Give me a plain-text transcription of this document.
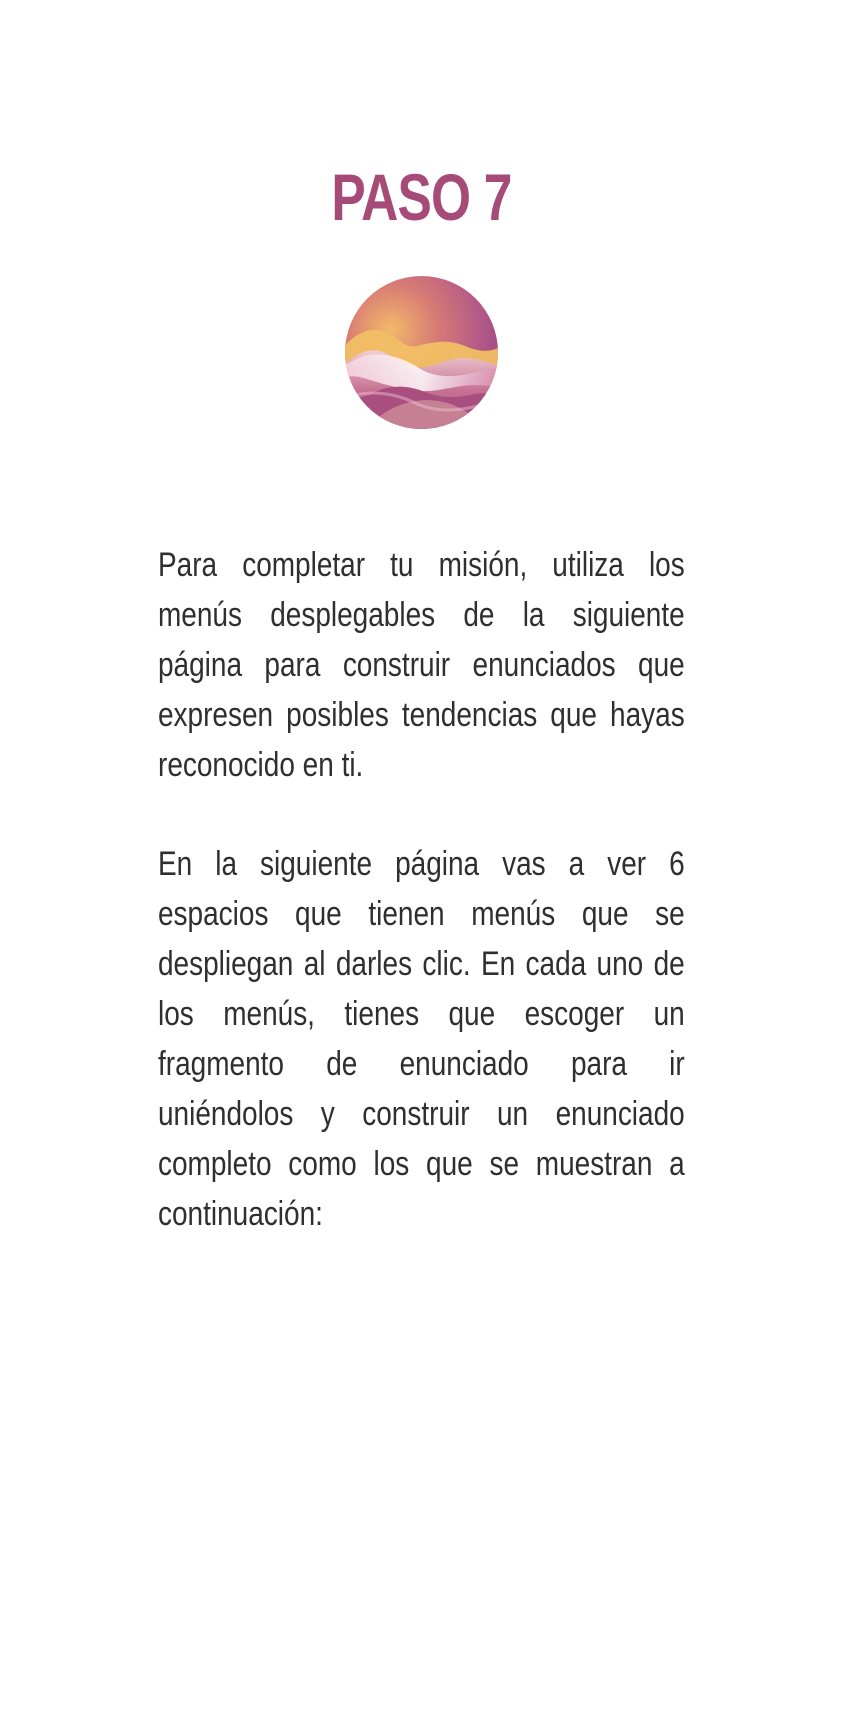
PASO 7

Para completar tu misión, utiliza los menús desplegables de la siguiente página para construir enunciados que expresen posibles tendencias que hayas reconocido en ti.

En la siguiente página vas a ver 6 espacios que tienen menús que se despliegan al darles clic. En cada uno de los menús, tienes que escoger un fragmento de enunciado para ir uniéndolos y construir un enunciado completo como los que se muestran a continuación:
